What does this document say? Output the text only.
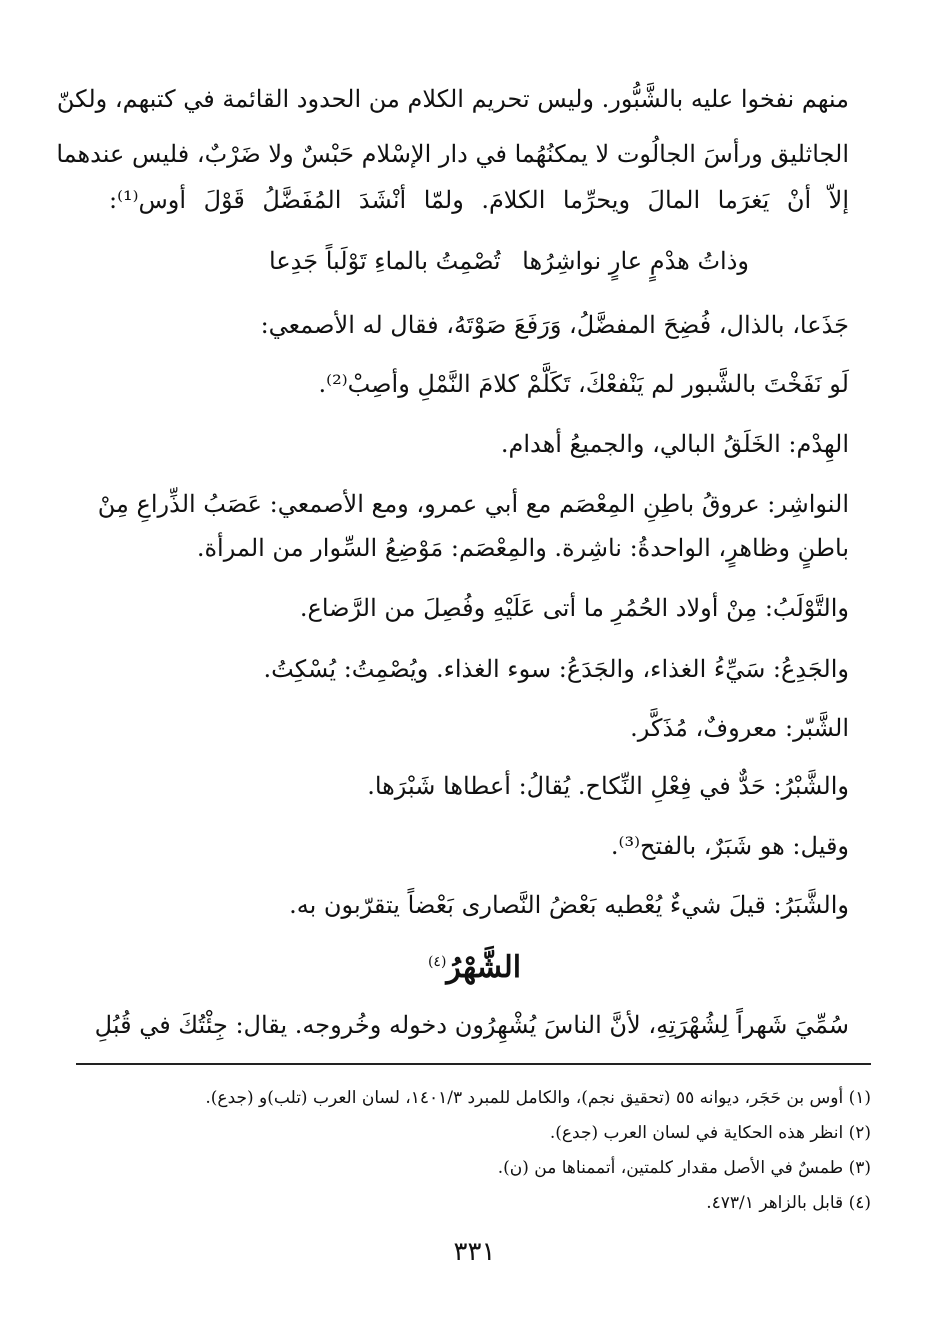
منهم نفخوا عليه بالشَّبُّور. وليس تحريم الكلام من الحدود القائمة في كتبهم، ولكنّ

الجاثليق ورأسَ الجالُوت لا يمكنُهُما في دار الإسْلام حَبْسٌ ولا ضَرْبٌ، فليس عندهما

إلاّ أنْ يَغرَما المالَ ويحرِّما الكلامَ. ولمّا أنْشَدَ المُفَضَّلُ قَوْلَ أوس⁽¹⁾:

وذاتُ هدْمٍ عارٍ نواشِرُها
تُصْمِتُ بالماءِ تَوْلَباً جَدِعا

جَذَعا، بالذال، فُضِحَ المفضَّلُ، وَرَفَعَ صَوْتَهُ، فقال له الأصمعي:

لَو نَفَخْتَ بالشَّبور لم يَنْفعْكَ، تَكَلَّمْ كلامَ النَّمْلِ وأصِبْ⁽²⁾.

الهِدْم: الخَلَقُ البالي، والجميعُ أهدام.

النواشِر: عروقُ باطِنِ المِعْصَم مع أبي عمرو، ومع الأصمعي: عَصَبُ الذِّراعِ مِنْ

باطنٍ وظاهرٍ، الواحدةُ: ناشِرة. والمِعْصَم: مَوْضِعُ السِّوار من المرأة.

والتَّوْلَبُ: مِنْ أولاد الحُمُرِ ما أتى عَلَيْهِ وفُصِلَ من الرَّضاع.

والجَدِعُ: سَيِّءُ الغذاء، والجَدَعُ: سوء الغذاء. ويُصْمِتُ: يُسْكِتُ.

الشَّبّر: معروفٌ، مُذَكَّر.

والشَّبْرُ: حَدٌّ في فِعْلِ النِّكاح. يُقالُ: أعطاها شَبْرَها.

وقيل: هو شَبَرٌ، بالفتح⁽³⁾.

والشَّبَرُ: قيلَ شيءٌ يُعْطيه بَعْضُ النَّصارى بَعْضاً يتقرّبون به.

الشَّهْرُ$^{(٤)}$

سُمِّيَ شَهراً لِشُهْرَتِهِ، لأنَّ الناسَ يُشْهِرُون دخوله وخُروجه. يقال: جِئْتُكَ في قُبُلِ

(١) أوس بن حَجَر، ديوانه ٥٥ (تحقيق نجم)، والكامل للمبرد ١٤٠١/٣، لسان العرب (تلب)و (جدع).
(٢) انظر هذه الحكاية في لسان العرب (جدع).
(٣) طمسٌ في الأصل مقدار كلمتين، أتممناها من (ن).
(٤) قابل بالزاهر ٤٧٣/١.
٣٣١
